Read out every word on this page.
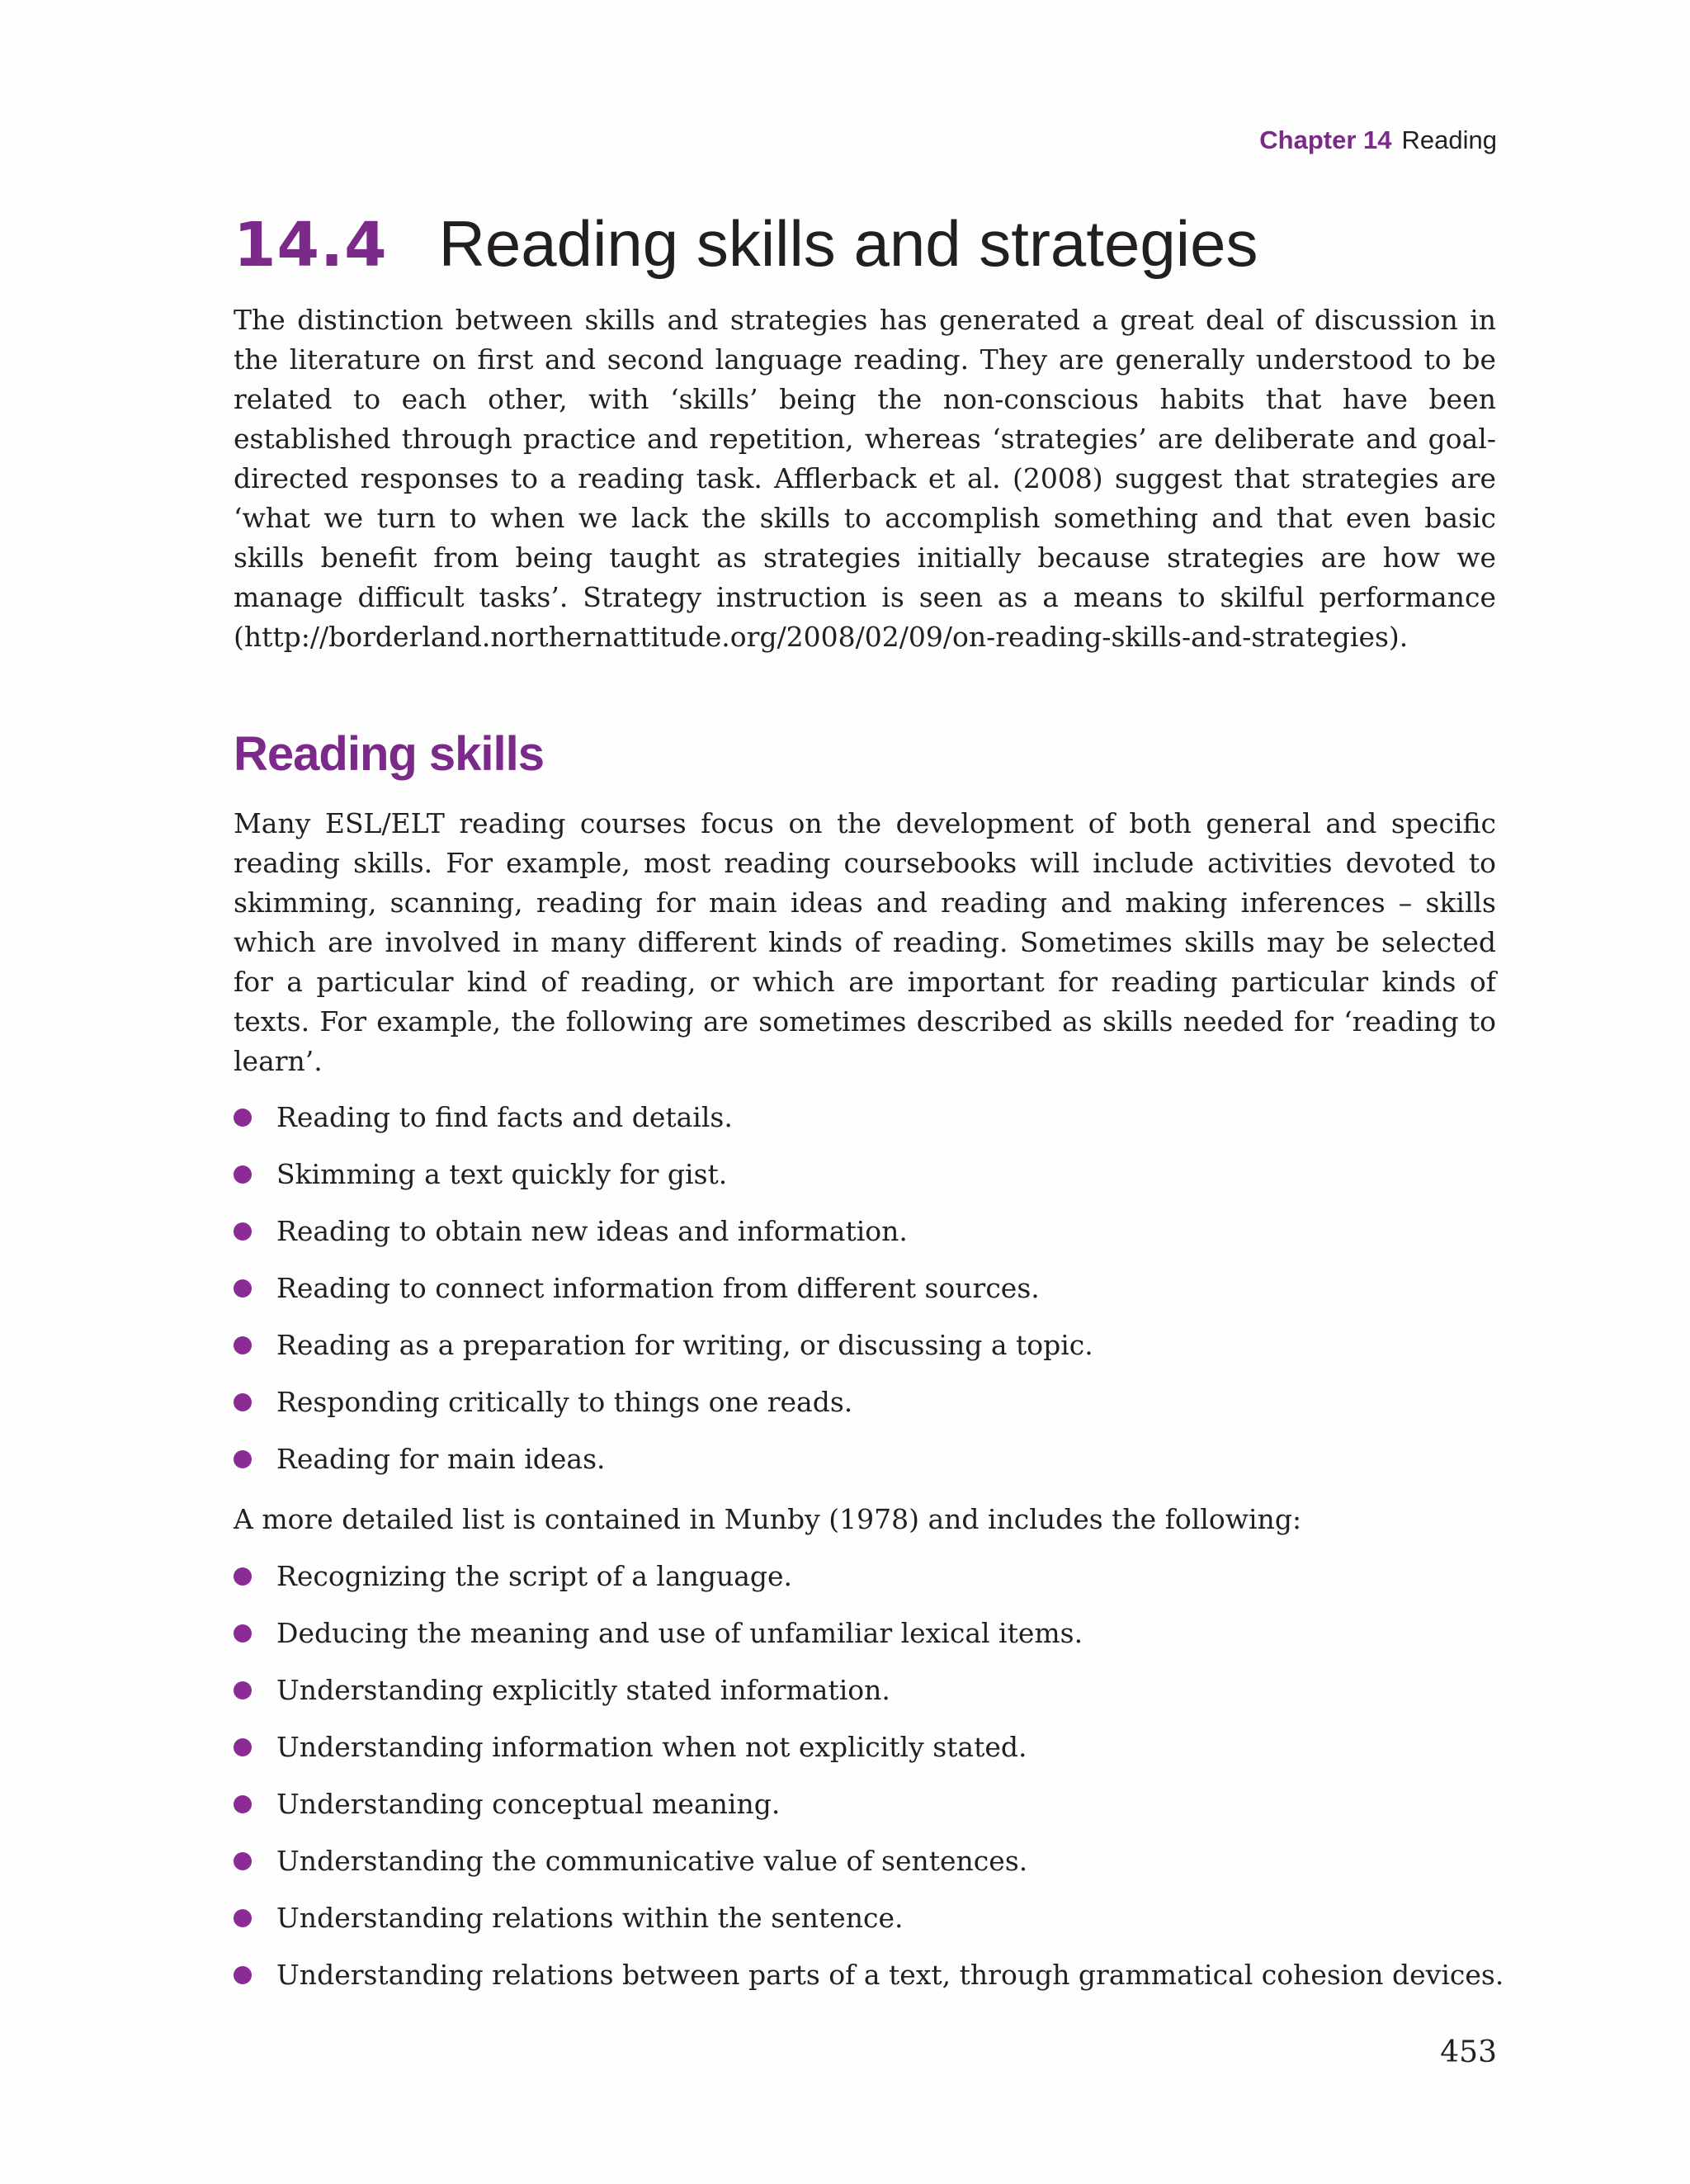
Chapter 14 Reading
14.4 Reading skills and strategies

The distinction between skills and strategies has generated a great deal of discussion in the literature on first and second language reading. They are generally understood to be related to each other, with ‘skills’ being the non-conscious habits that have been established through practice and repetition, whereas ‘strategies’ are deliberate and goal-directed responses to a reading task. Afflerback et al. (2008) suggest that strategies are ‘what we turn to when we lack the skills to accomplish something and that even basic skills benefit from being taught as strategies initially because strategies are how we manage difficult tasks’. Strategy instruction is seen as a means to skilful performance (http://borderland.northernattitude.org/2008/02/09/on-reading-skills-and-strategies).

Reading skills

Many ESL/ELT reading courses focus on the development of both general and specific reading skills. For example, most reading coursebooks will include activities devoted to skimming, scanning, reading for main ideas and reading and making inferences – skills which are involved in many different kinds of reading. Sometimes skills may be selected for a particular kind of reading, or which are important for reading particular kinds of texts. For example, the following are sometimes described as skills needed for ‘reading to learn’.

Reading to find facts and details.
Skimming a text quickly for gist.
Reading to obtain new ideas and information.
Reading to connect information from different sources.
Reading as a preparation for writing, or discussing a topic.
Responding critically to things one reads.
Reading for main ideas.

A more detailed list is contained in Munby (1978) and includes the following:

Recognizing the script of a language.
Deducing the meaning and use of unfamiliar lexical items.
Understanding explicitly stated information.
Understanding information when not explicitly stated.
Understanding conceptual meaning.
Understanding the communicative value of sentences.
Understanding relations within the sentence.
Understanding relations between parts of a text, through grammatical cohesion devices.
453
